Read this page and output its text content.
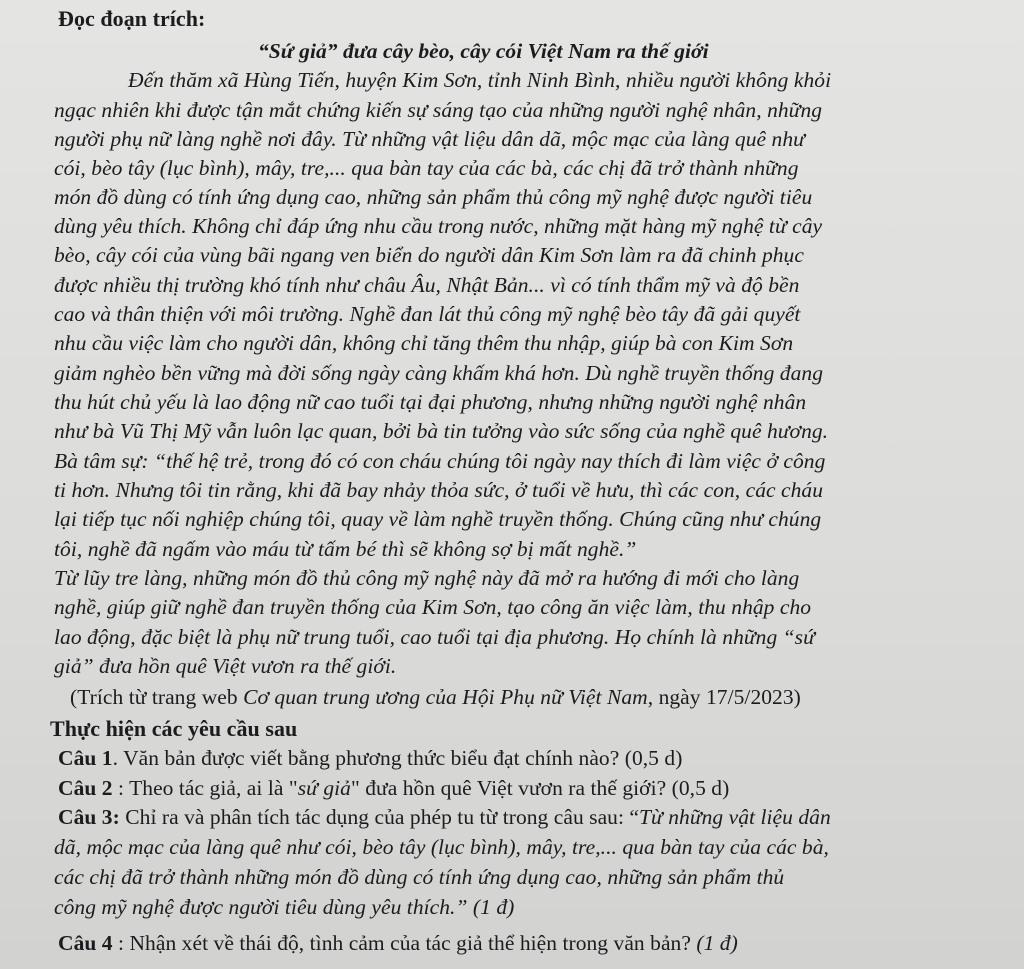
Đọc đoạn trích:
“Sứ giả” đưa cây bèo, cây cói Việt Nam ra thế giới
Đến thăm xã Hùng Tiến, huyện Kim Sơn, tỉnh Ninh Bình, nhiều người không khỏi
ngạc nhiên khi được tận mắt chứng kiến sự sáng tạo của những người nghệ nhân, những
người phụ nữ làng nghề nơi đây. Từ những vật liệu dân dã, mộc mạc của làng quê như
cói, bèo tây (lục bình), mây, tre,... qua bàn tay của các bà, các chị đã trở thành những
món đồ dùng có tính ứng dụng cao, những sản phẩm thủ công mỹ nghệ được người tiêu
dùng yêu thích. Không chỉ đáp ứng nhu cầu trong nước, những mặt hàng mỹ nghệ từ cây
bèo, cây cói của vùng bãi ngang ven biển do người dân Kim Sơn làm ra đã chinh phục
được nhiều thị trường khó tính như châu Âu, Nhật Bản... vì có tính thẩm mỹ và độ bền
cao và thân thiện với môi trường. Nghề đan lát thủ công mỹ nghệ bèo tây đã gải quyết
nhu cầu việc làm cho người dân, không chỉ tăng thêm thu nhập, giúp bà con Kim Sơn
giảm nghèo bền vững mà đời sống ngày càng khấm khá hơn. Dù nghề truyền thống đang
thu hút chủ yếu là lao động nữ cao tuổi tại đại phương, nhưng những người nghệ nhân
như bà Vũ Thị Mỹ vẫn luôn lạc quan, bởi bà tin tưởng vào sức sống của nghề quê hương.
Bà tâm sự: “thế hệ trẻ, trong đó có con cháu chúng tôi ngày nay thích đi làm việc ở công
ti hơn. Nhưng tôi tin rằng, khi đã bay nhảy thỏa sức, ở tuổi về hưu, thì các con, các cháu
lại tiếp tục nối nghiệp chúng tôi, quay về làm nghề truyền thống. Chúng cũng như chúng
tôi, nghề đã ngấm vào máu từ tấm bé thì sẽ không sợ bị mất nghề.”
Từ lũy tre làng, những món đồ thủ công mỹ nghệ này đã mở ra hướng đi mới cho làng
nghề, giúp giữ nghề đan truyền thống của Kim Sơn, tạo công ăn việc làm, thu nhập cho
lao động, đặc biệt là phụ nữ trung tuổi, cao tuổi tại địa phương. Họ chính là những “sứ
giả” đưa hồn quê Việt vươn ra thế giới.
(Trích từ trang web Cơ quan trung ương của Hội Phụ nữ Việt Nam, ngày 17/5/2023)
Thực hiện các yêu cầu sau
Câu 1. Văn bản được viết bằng phương thức biểu đạt chính nào? (0,5 d)
Câu 2 : Theo tác giả, ai là "sứ giả" đưa hồn quê Việt vươn ra thế giới? (0,5 d)
Câu 3: Chỉ ra và phân tích tác dụng của phép tu từ trong câu sau: “Từ những vật liệu dân
dã, mộc mạc của làng quê như cói, bèo tây (lục bình), mây, tre,... qua bàn tay của các bà,
các chị đã trở thành những món đồ dùng có tính ứng dụng cao, những sản phẩm thủ
công mỹ nghệ được người tiêu dùng yêu thích.” (1 đ)
Câu 4 : Nhận xét về thái độ, tình cảm của tác giả thể hiện trong văn bản? (1 đ)
